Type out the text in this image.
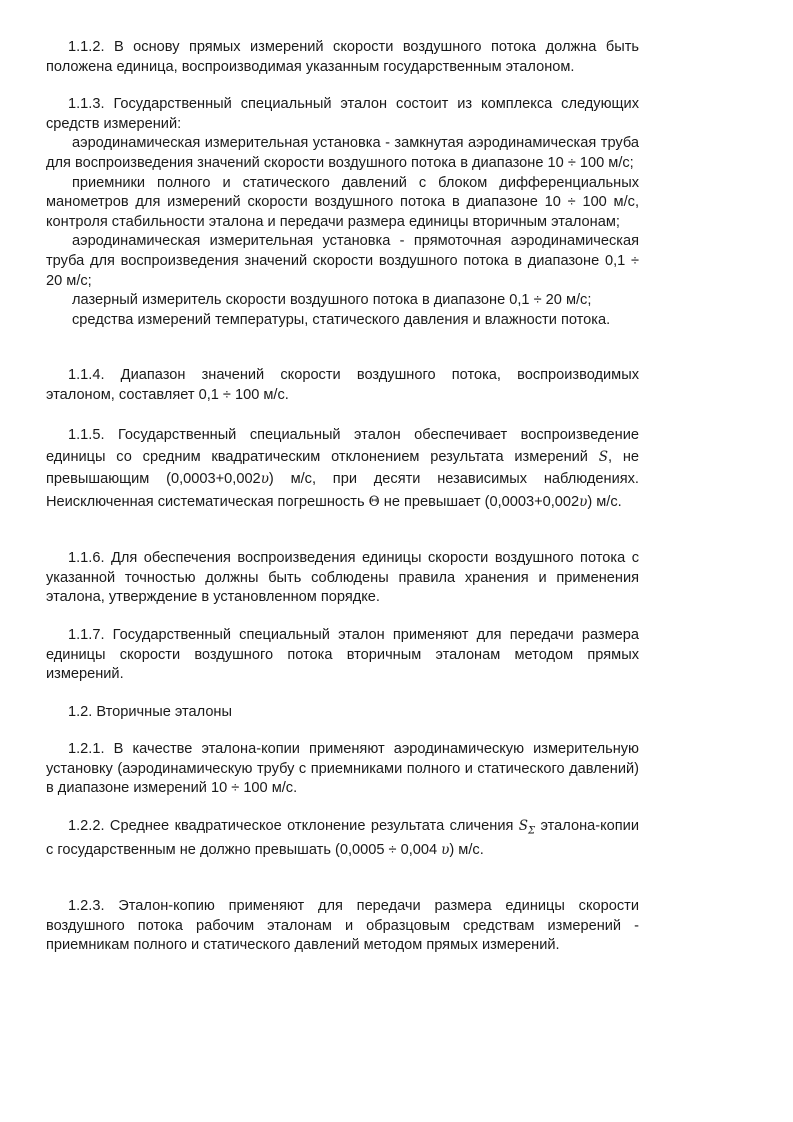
1.1.2. В основу прямых измерений скорости воздушного потока должна быть положена единица, воспроизводимая указанным государственным эталоном.

1.1.3. Государственный специальный эталон состоит из комплекса следующих средств измерений:

аэродинамическая измерительная установка - замкнутая аэродинамическая труба для воспроизведения значений скорости воздушного потока в диапазоне 10 ÷ 100 м/с;

приемники полного и статического давлений с блоком дифференциальных манометров для измерений скорости воздушного потока в диапазоне 10 ÷ 100 м/с, контроля стабильности эталона и передачи размера единицы вторичным эталонам;

аэродинамическая измерительная установка - прямоточная аэродинамическая труба для воспроизведения значений скорости воздушного потока в диапазоне 0,1 ÷ 20 м/с;

лазерный измеритель скорости воздушного потока в диапазоне 0,1 ÷ 20 м/с;

средства измерений температуры, статического давления и влажности потока.

1.1.4. Диапазон значений скорости воздушного потока, воспроизводимых эталоном, составляет 0,1 ÷ 100 м/с.

1.1.5. Государственный специальный эталон обеспечивает воспроизведение единицы со средним квадратическим отклонением результата измерений S, не превышающим (0,0003+0,002υ) м/с, при десяти независимых наблюдениях. Неисключенная систематическая погрешность Θ не превышает (0,0003+0,002υ) м/с.

1.1.6. Для обеспечения воспроизведения единицы скорости воздушного потока с указанной точностью должны быть соблюдены правила хранения и применения эталона, утверждение в установленном порядке.

1.1.7. Государственный специальный эталон применяют для передачи размера единицы скорости воздушного потока вторичным эталонам методом прямых измерений.

1.2. Вторичные эталоны

1.2.1. В качестве эталона-копии применяют аэродинамическую измерительную установку (аэродинамическую трубу с приемниками полного и статического давлений) в диапазоне измерений 10 ÷ 100 м/с.

1.2.2. Среднее квадратическое отклонение результата сличения $S_\Sigma$ эталона-копии с государственным не должно превышать (0,0005 ÷ 0,004 υ) м/с.

1.2.3. Эталон-копию применяют для передачи размера единицы скорости воздушного потока рабочим эталонам и образцовым средствам измерений - приемникам полного и статического давлений методом прямых измерений.
